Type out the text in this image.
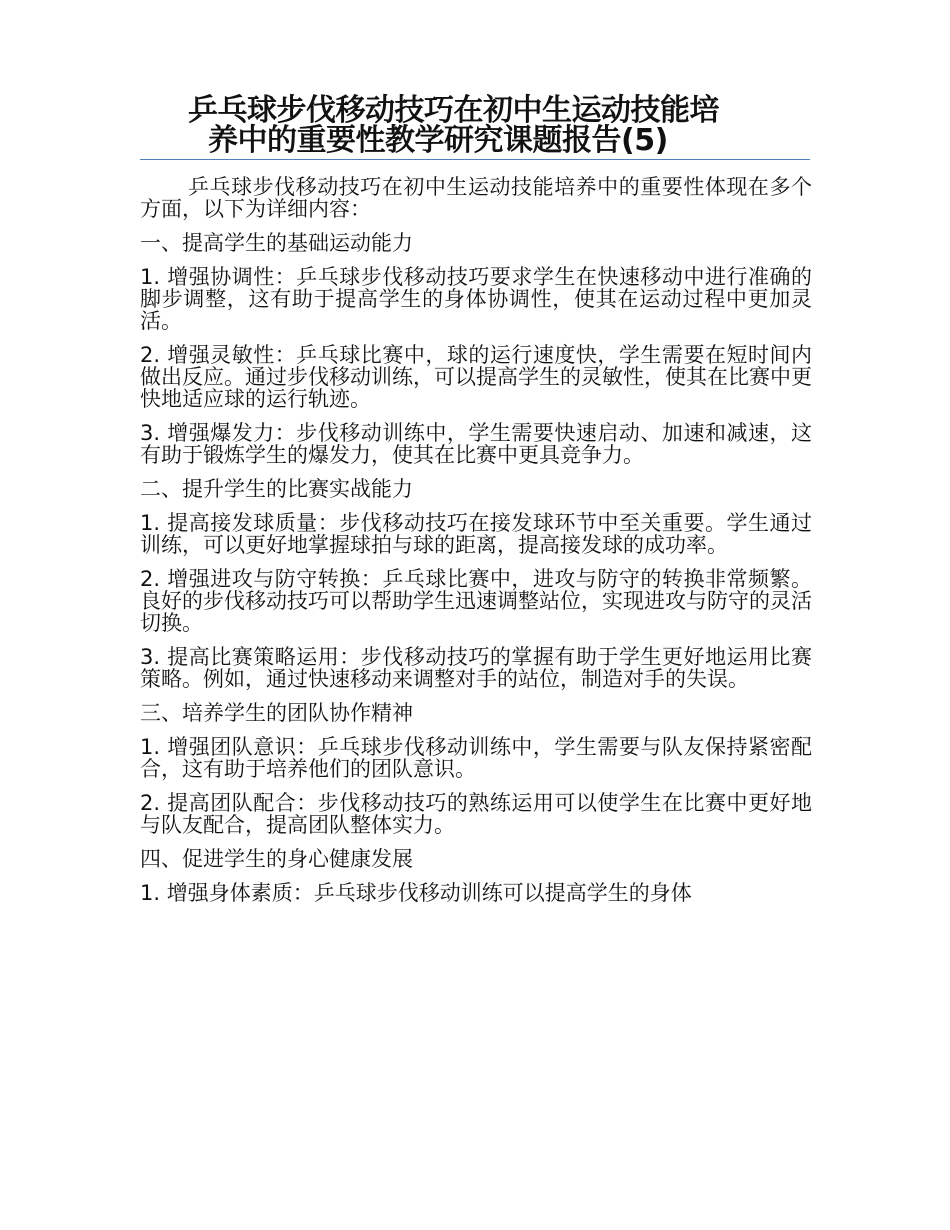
乒乓球步伐移动技巧在初中生运动技能培
养中的重要性教学研究课题报告(5)

乒乓球步伐移动技巧在初中生运动技能培养中的重要性体现在多个方面，以下为详细内容：

一、提高学生的基础运动能力

1. 增强协调性：乒乓球步伐移动技巧要求学生在快速移动中进行准确的脚步调整，这有助于提高学生的身体协调性，使其在运动过程中更加灵活。

2. 增强灵敏性：乒乓球比赛中，球的运行速度快，学生需要在短时间内做出反应。通过步伐移动训练，可以提高学生的灵敏性，使其在比赛中更快地适应球的运行轨迹。

3. 增强爆发力：步伐移动训练中，学生需要快速启动、加速和减速，这有助于锻炼学生的爆发力，使其在比赛中更具竞争力。

二、提升学生的比赛实战能力

1. 提高接发球质量：步伐移动技巧在接发球环节中至关重要。学生通过训练，可以更好地掌握球拍与球的距离，提高接发球的成功率。

2. 增强进攻与防守转换：乒乓球比赛中，进攻与防守的转换非常频繁。良好的步伐移动技巧可以帮助学生迅速调整站位，实现进攻与防守的灵活切换。

3. 提高比赛策略运用：步伐移动技巧的掌握有助于学生更好地运用比赛策略。例如，通过快速移动来调整对手的站位，制造对手的失误。

三、培养学生的团队协作精神

1. 增强团队意识：乒乓球步伐移动训练中，学生需要与队友保持紧密配合，这有助于培养他们的团队意识。

2. 提高团队配合：步伐移动技巧的熟练运用可以使学生在比赛中更好地与队友配合，提高团队整体实力。

四、促进学生的身心健康发展

1. 增强身体素质：乒乓球步伐移动训练可以提高学生的身体
